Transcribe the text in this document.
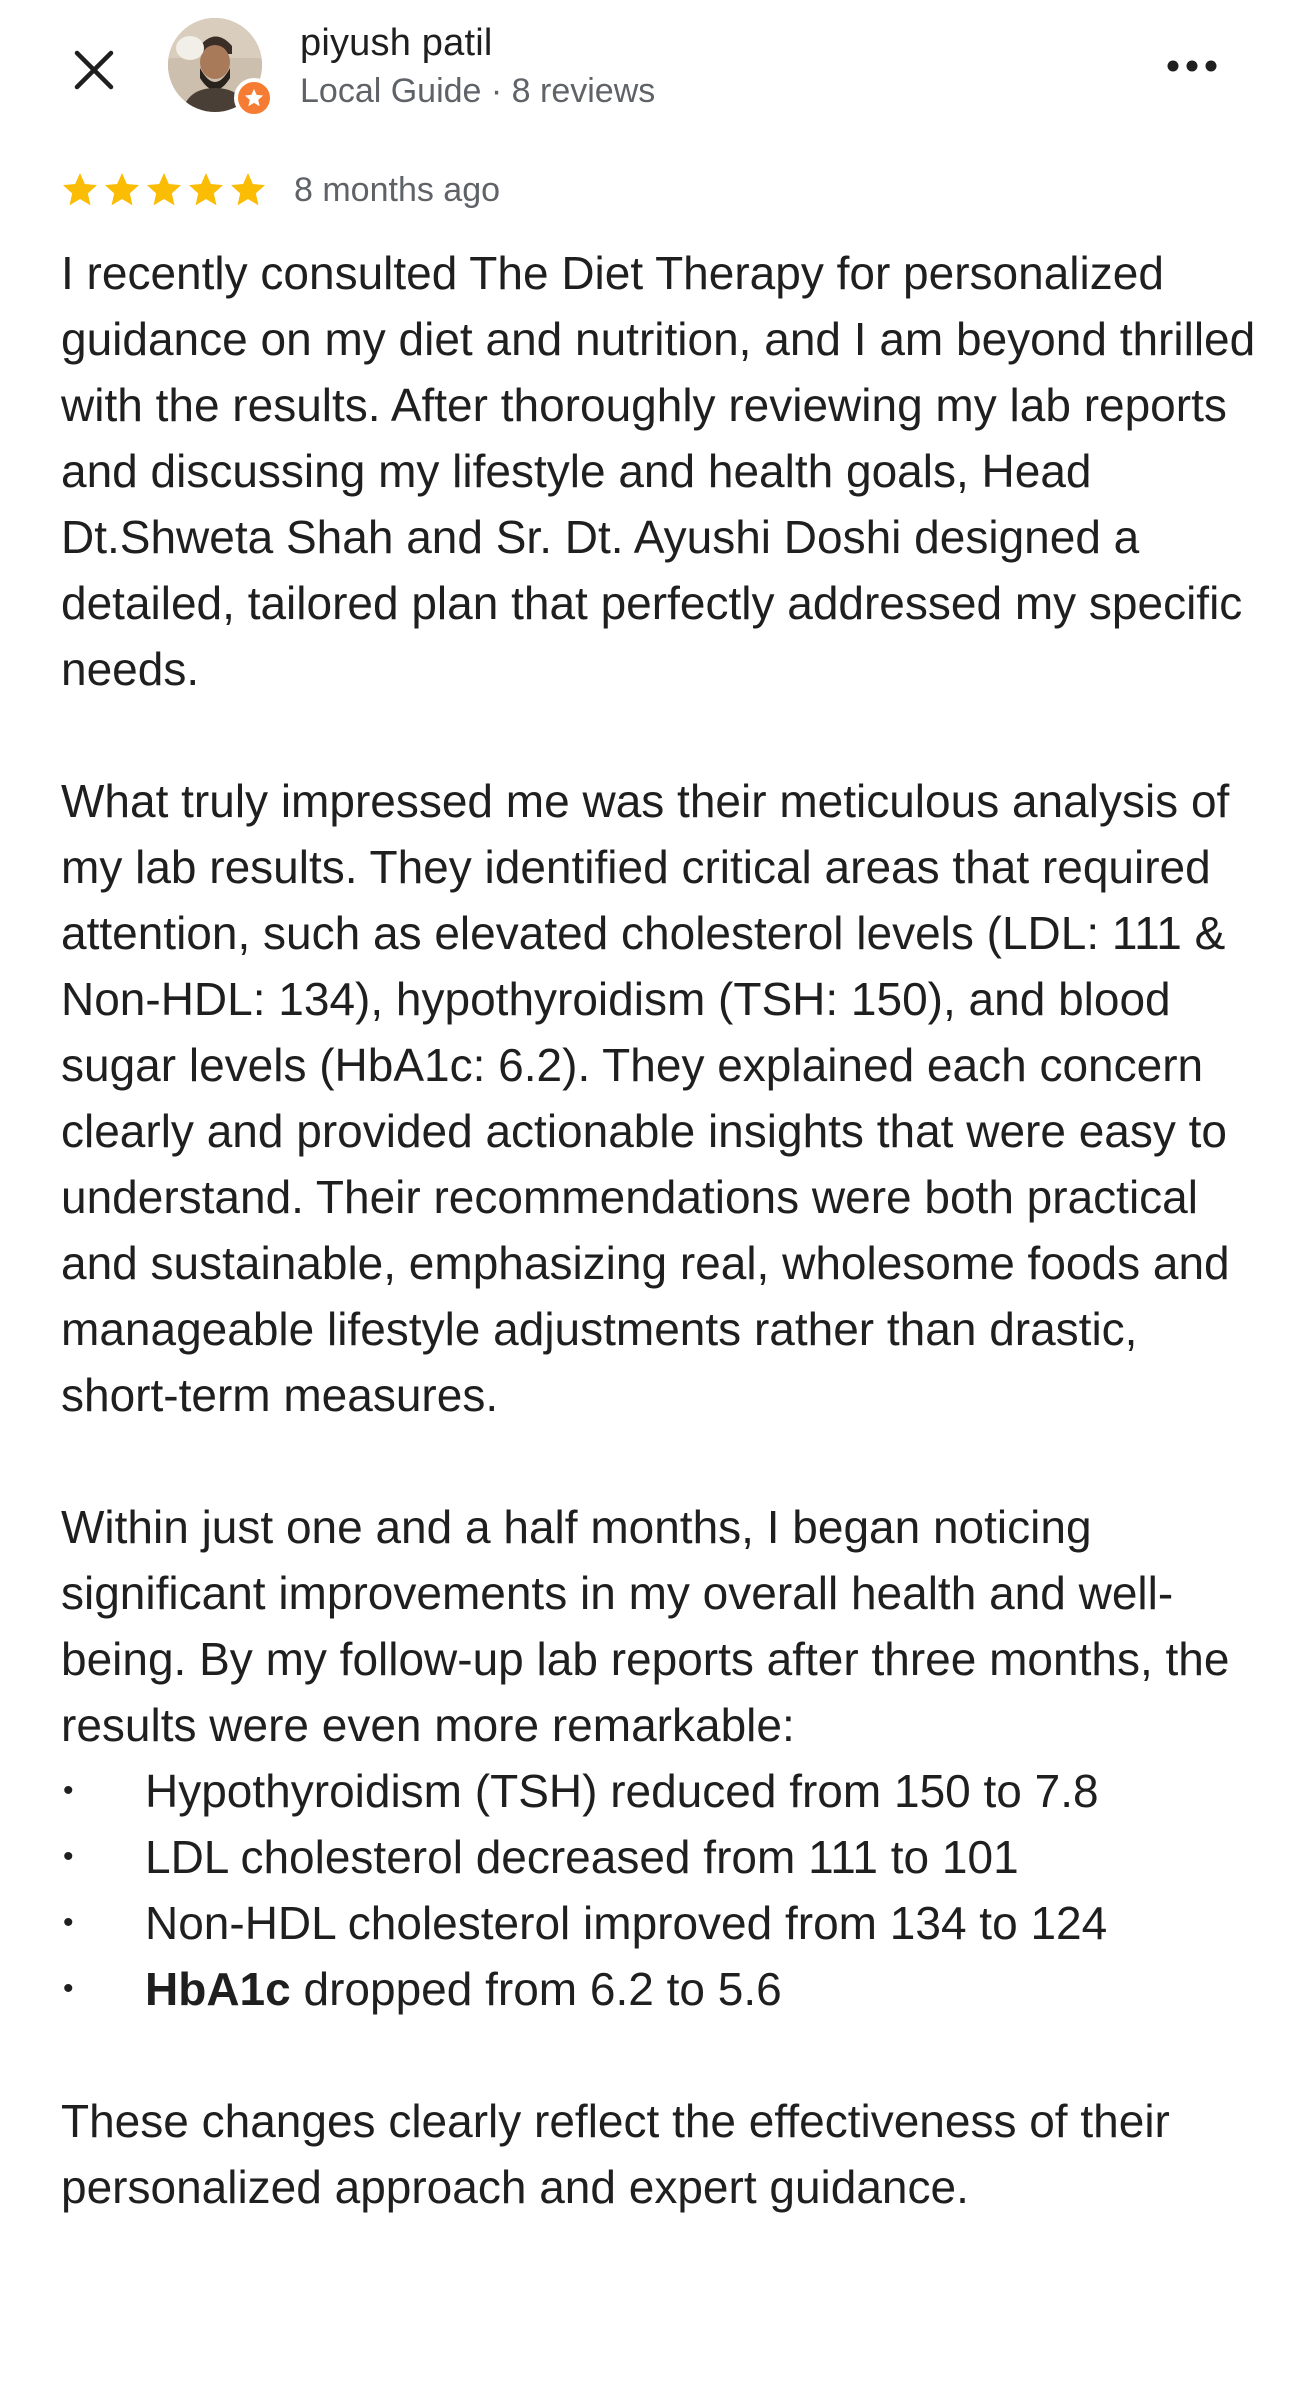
piyush patil
Local Guide · 8 reviews
8 months ago

I recently consulted The Diet Therapy for personalized guidance on my diet and nutrition, and I am beyond thrilled with the results. After thoroughly reviewing my lab reports and discussing my lifestyle and health goals, Head Dt.Shweta Shah and Sr. Dt. Ayushi Doshi designed a detailed, tailored plan that perfectly addressed my specific needs.

What truly impressed me was their meticulous analysis of my lab results. They identified critical areas that required attention, such as elevated cholesterol levels (LDL: 111 & Non-HDL: 134), hypothyroidism (TSH: 150), and blood sugar levels (HbA1c: 6.2). They explained each concern clearly and provided actionable insights that were easy to understand. Their recommendations were both practical and sustainable, emphasizing real, wholesome foods and manageable lifestyle adjustments rather than drastic, short-term measures.

Within just one and a half months, I began noticing significant improvements in my overall health and well-being. By my follow-up lab reports after three months, the results were even more remarkable:

• Hypothyroidism (TSH) reduced from 150 to 7.8
• LDL cholesterol decreased from 111 to 101
• Non-HDL cholesterol improved from 134 to 124
• HbA1c dropped from 6.2 to 5.6

These changes clearly reflect the effectiveness of their personalized approach and expert guidance.
